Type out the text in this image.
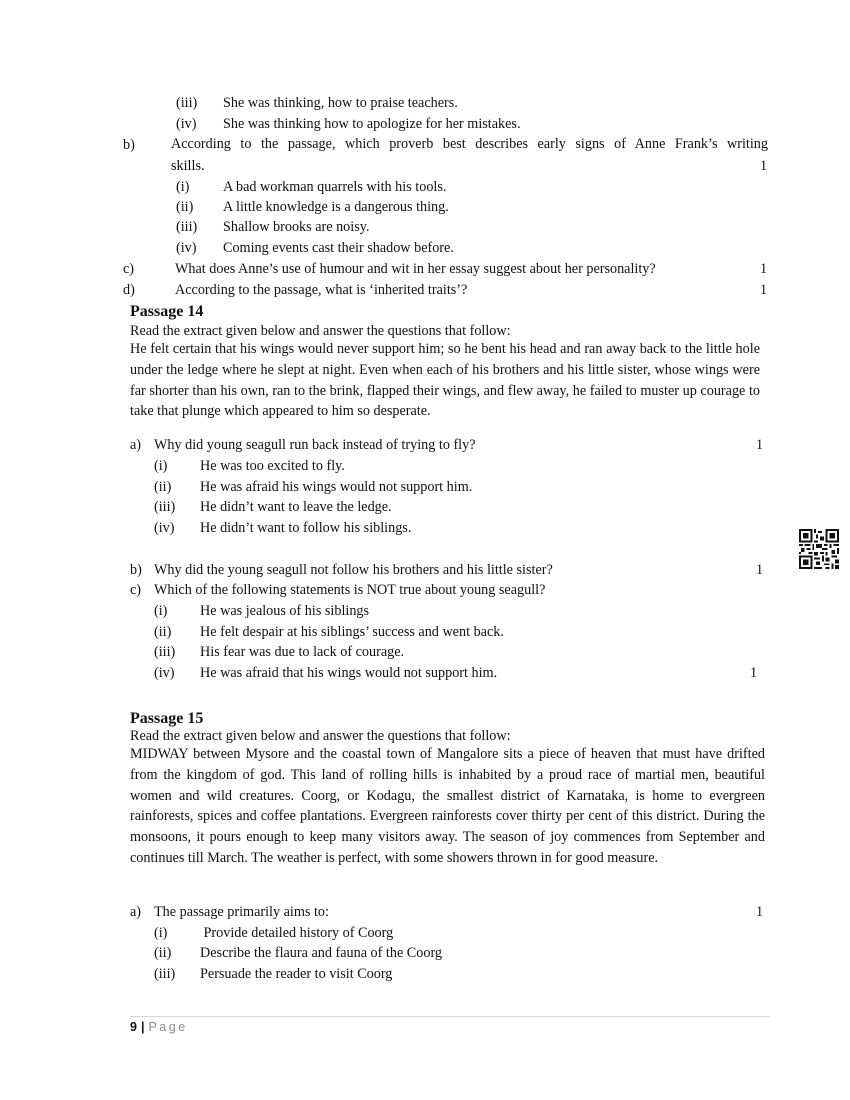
(iii) She was thinking, how to praise teachers.
(iv) She was thinking how to apologize for her mistakes.
b)	According to the passage, which proverb best describes early signs of Anne Frank’s writing
skills.	1
(i) A bad workman quarrels with his tools.
(ii) A little knowledge is a dangerous thing.
(iii) Shallow brooks are noisy.
(iv) Coming events cast their shadow before.
c)	What does Anne’s use of humour and wit in her essay suggest about her personality?	1
d)	According to the passage, what is ‘inherited traits’?	1
Passage 14
Read the extract given below and answer the questions that follow:
He felt certain that his wings would never support him; so he bent his head and ran away back to the little hole under the ledge where he slept at night. Even when each of his brothers and his little sister, whose wings were far shorter than his own, ran to the brink, flapped their wings, and flew away, he failed to muster up courage to take that plunge which appeared to him so desperate.
a) Why did young seagull run back instead of trying to fly?	1
(i) He was too excited to fly.
(ii) He was afraid his wings would not support him.
(iii) He didn’t want to leave the ledge.
(iv) He didn’t want to follow his siblings.
b) Why did the young seagull not follow his brothers and his little sister?	1
c) Which of the following statements is NOT true about young seagull?
(i) He was jealous of his siblings
(ii) He felt despair at his siblings’ success and went back.
(iii) His fear was due to lack of courage.
(iv) He was afraid that his wings would not support him.	1
Passage 15
Read the extract given below and answer the questions that follow:
MIDWAY between Mysore and the coastal town of Mangalore sits a piece of heaven that must have drifted from the kingdom of god. This land of rolling hills is inhabited by a proud race of martial men, beautiful women and wild creatures. Coorg, or Kodagu, the smallest district of Karnataka, is home to evergreen rainforests, spices and coffee plantations. Evergreen rainforests cover thirty per cent of this district. During the monsoons, it pours enough to keep many visitors away. The season of joy commences from September and continues till March. The weather is perfect, with some showers thrown in for good measure.
a) The passage primarily aims to:	1
(i) Provide detailed history of Coorg
(ii) Describe the flaura and fauna of the Coorg
(iii) Persuade the reader to visit Coorg
9 | Page
